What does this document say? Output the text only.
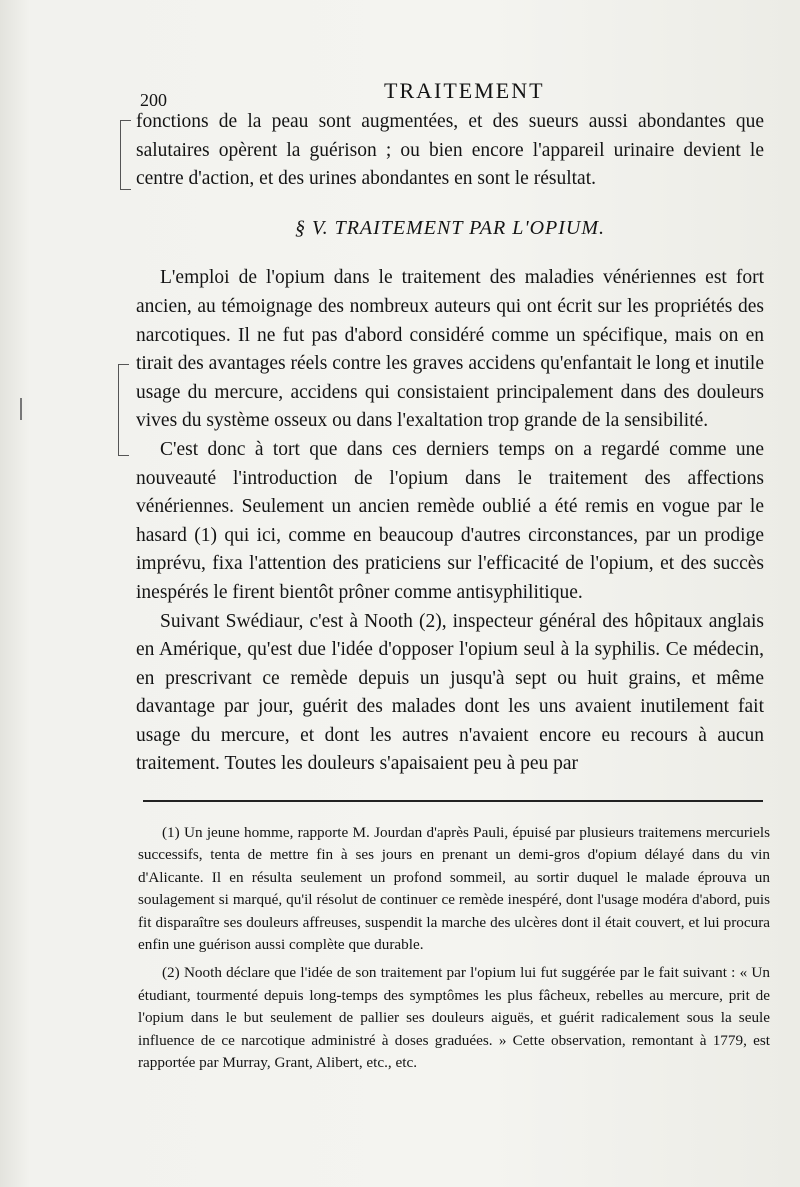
200	TRAITEMENT

fonctions de la peau sont augmentées, et des sueurs aussi abondantes que salutaires opèrent la guérison ; ou bien encore l'appareil urinaire devient le centre d'action, et des urines abondantes en sont le résultat.

§ V. TRAITEMENT PAR L'OPIUM.

L'emploi de l'opium dans le traitement des maladies vénériennes est fort ancien, au témoignage des nombreux auteurs qui ont écrit sur les propriétés des narcotiques. Il ne fut pas d'abord considéré comme un spécifique, mais on en tirait des avantages réels contre les graves accidens qu'enfantait le long et inutile usage du mercure, accidens qui consistaient principalement dans des douleurs vives du système osseux ou dans l'exaltation trop grande de la sensibilité.

C'est donc à tort que dans ces derniers temps on a regardé comme une nouveauté l'introduction de l'opium dans le traitement des affections vénériennes. Seulement un ancien remède oublié a été remis en vogue par le hasard (1) qui ici, comme en beaucoup d'autres circonstances, par un prodige imprévu, fixa l'attention des praticiens sur l'efficacité de l'opium, et des succès inespérés le firent bientôt prôner comme antisyphilitique.

Suivant Swédiaur, c'est à Nooth (2), inspecteur général des hôpitaux anglais en Amérique, qu'est due l'idée d'opposer l'opium seul à la syphilis. Ce médecin, en prescrivant ce remède depuis un jusqu'à sept ou huit grains, et même davantage par jour, guérit des malades dont les uns avaient inutilement fait usage du mercure, et dont les autres n'avaient encore eu recours à aucun traitement. Toutes les douleurs s'apaisaient peu à peu par

(1) Un jeune homme, rapporte M. Jourdan d'après Pauli, épuisé par plusieurs traitemens mercuriels successifs, tenta de mettre fin à ses jours en prenant un demi-gros d'opium délayé dans du vin d'Alicante. Il en résulta seulement un profond sommeil, au sortir duquel le malade éprouva un soulagement si marqué, qu'il résolut de continuer ce remède inespéré, dont l'usage modéra d'abord, puis fit disparaître ses douleurs affreuses, suspendit la marche des ulcères dont il était couvert, et lui procura enfin une guérison aussi complète que durable.

(2) Nooth déclare que l'idée de son traitement par l'opium lui fut suggérée par le fait suivant : « Un étudiant, tourmenté depuis long-temps des symptômes les plus fâcheux, rebelles au mercure, prit de l'opium dans le but seulement de pallier ses douleurs aiguës, et guérit radicalement sous la seule influence de ce narcotique administré à doses graduées. » Cette observation, remontant à 1779, est rapportée par Murray, Grant, Alibert, etc., etc.
